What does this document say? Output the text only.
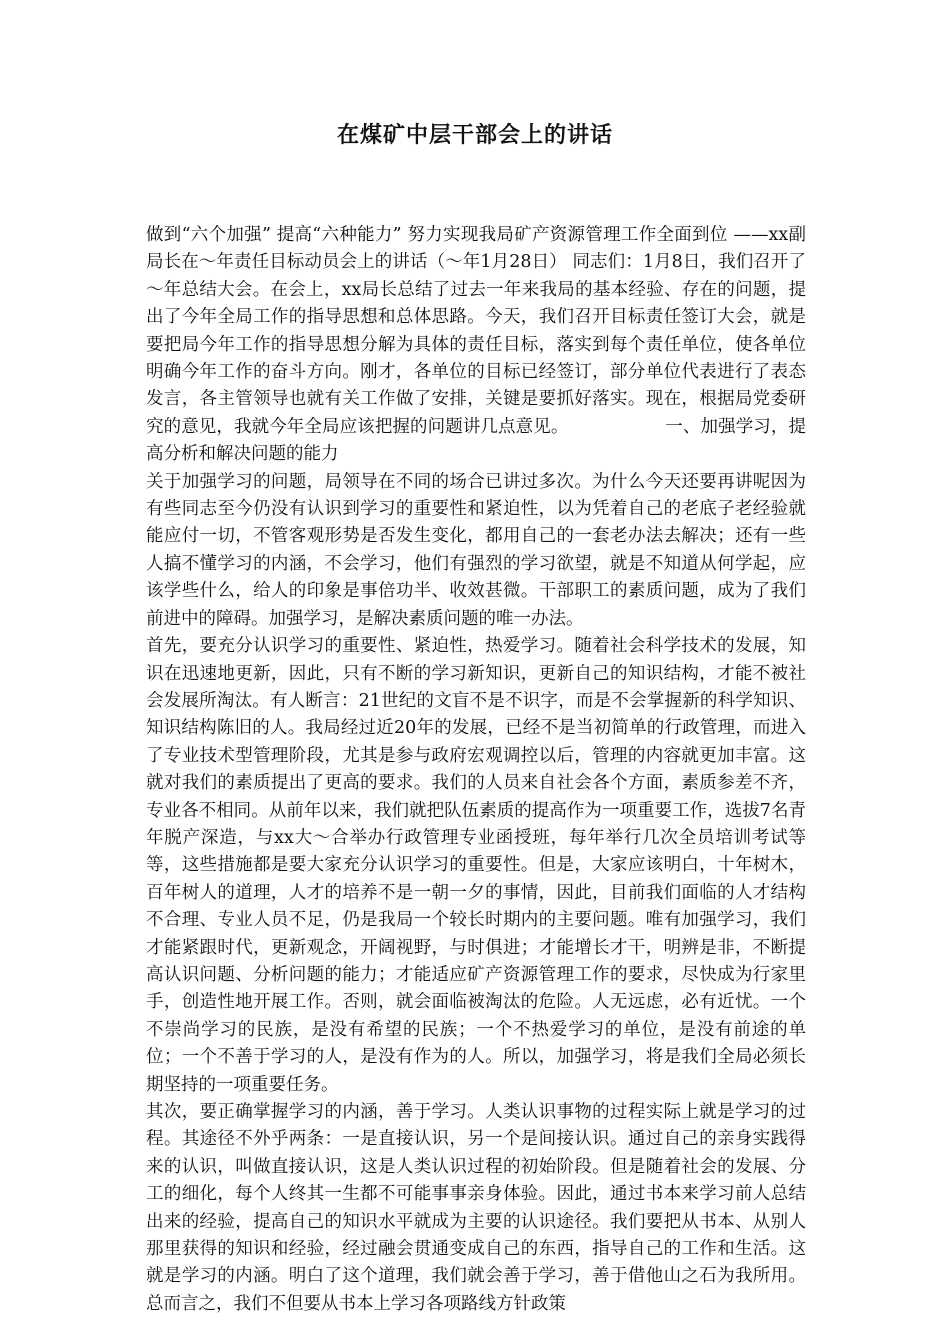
在煤矿中层干部会上的讲话

做到“六个加强” 提高“六种能力” 努力实现我局矿产资源管理工作全面到位 ——xx副局长在～年责任目标动员会上的讲话（～年1月28日） 同志们：1月8日，我们召开了～年总结大会。在会上，xx局长总结了过去一年来我局的基本经验、存在的问题，提出了今年全局工作的指导思想和总体思路。今天，我们召开目标责任签订大会，就是要把局今年工作的指导思想分解为具体的责任目标，落实到每个责任单位，使各单位明确今年工作的奋斗方向。刚才，各单位的目标已经签订，部分单位代表进行了表态发言，各主管领导也就有关工作做了安排，关键是要抓好落实。现在，根据局党委研究的意见，我就今年全局应该把握的问题讲几点意见。　　　　　　一、加强学习，提高分析和解决问题的能力

关于加强学习的问题，局领导在不同的场合已讲过多次。为什么今天还要再讲呢因为有些同志至今仍没有认识到学习的重要性和紧迫性，以为凭着自己的老底子老经验就能应付一切，不管客观形势是否发生变化，都用自己的一套老办法去解决；还有一些人搞不懂学习的内涵，不会学习，他们有强烈的学习欲望，就是不知道从何学起，应该学些什么，给人的印象是事倍功半、收效甚微。干部职工的素质问题，成为了我们前进中的障碍。加强学习，是解决素质问题的唯一办法。

首先，要充分认识学习的重要性、紧迫性，热爱学习。随着社会科学技术的发展，知识在迅速地更新，因此，只有不断的学习新知识，更新自己的知识结构，才能不被社会发展所淘汰。有人断言：21世纪的文盲不是不识字，而是不会掌握新的科学知识、知识结构陈旧的人。我局经过近20年的发展，已经不是当初简单的行政管理，而进入了专业技术型管理阶段，尤其是参与政府宏观调控以后，管理的内容就更加丰富。这就对我们的素质提出了更高的要求。我们的人员来自社会各个方面，素质参差不齐，专业各不相同。从前年以来，我们就把队伍素质的提高作为一项重要工作，选拔7名青年脱产深造，与xx大～合举办行政管理专业函授班，每年举行几次全员培训考试等等，这些措施都是要大家充分认识学习的重要性。但是，大家应该明白，十年树木，百年树人的道理，人才的培养不是一朝一夕的事情，因此，目前我们面临的人才结构不合理、专业人员不足，仍是我局一个较长时期内的主要问题。唯有加强学习，我们才能紧跟时代，更新观念，开阔视野，与时俱进；才能增长才干，明辨是非，不断提高认识问题、分析问题的能力；才能适应矿产资源管理工作的要求，尽快成为行家里手，创造性地开展工作。否则，就会面临被淘汰的危险。人无远虑，必有近忧。一个不崇尚学习的民族，是没有希望的民族；一个不热爱学习的单位，是没有前途的单位；一个不善于学习的人，是没有作为的人。所以，加强学习，将是我们全局必须长期坚持的一项重要任务。

其次，要正确掌握学习的内涵，善于学习。人类认识事物的过程实际上就是学习的过程。其途径不外乎两条：一是直接认识，另一个是间接认识。通过自己的亲身实践得来的认识，叫做直接认识，这是人类认识过程的初始阶段。但是随着社会的发展、分工的细化，每个人终其一生都不可能事事亲身体验。因此，通过书本来学习前人总结出来的经验，提高自己的知识水平就成为主要的认识途径。我们要把从书本、从别人那里获得的知识和经验，经过融会贯通变成自己的东西，指导自己的工作和生活。这就是学习的内涵。明白了这个道理，我们就会善于学习，善于借他山之石为我所用。总而言之，我们不但要从书本上学习各项路线方针政策
